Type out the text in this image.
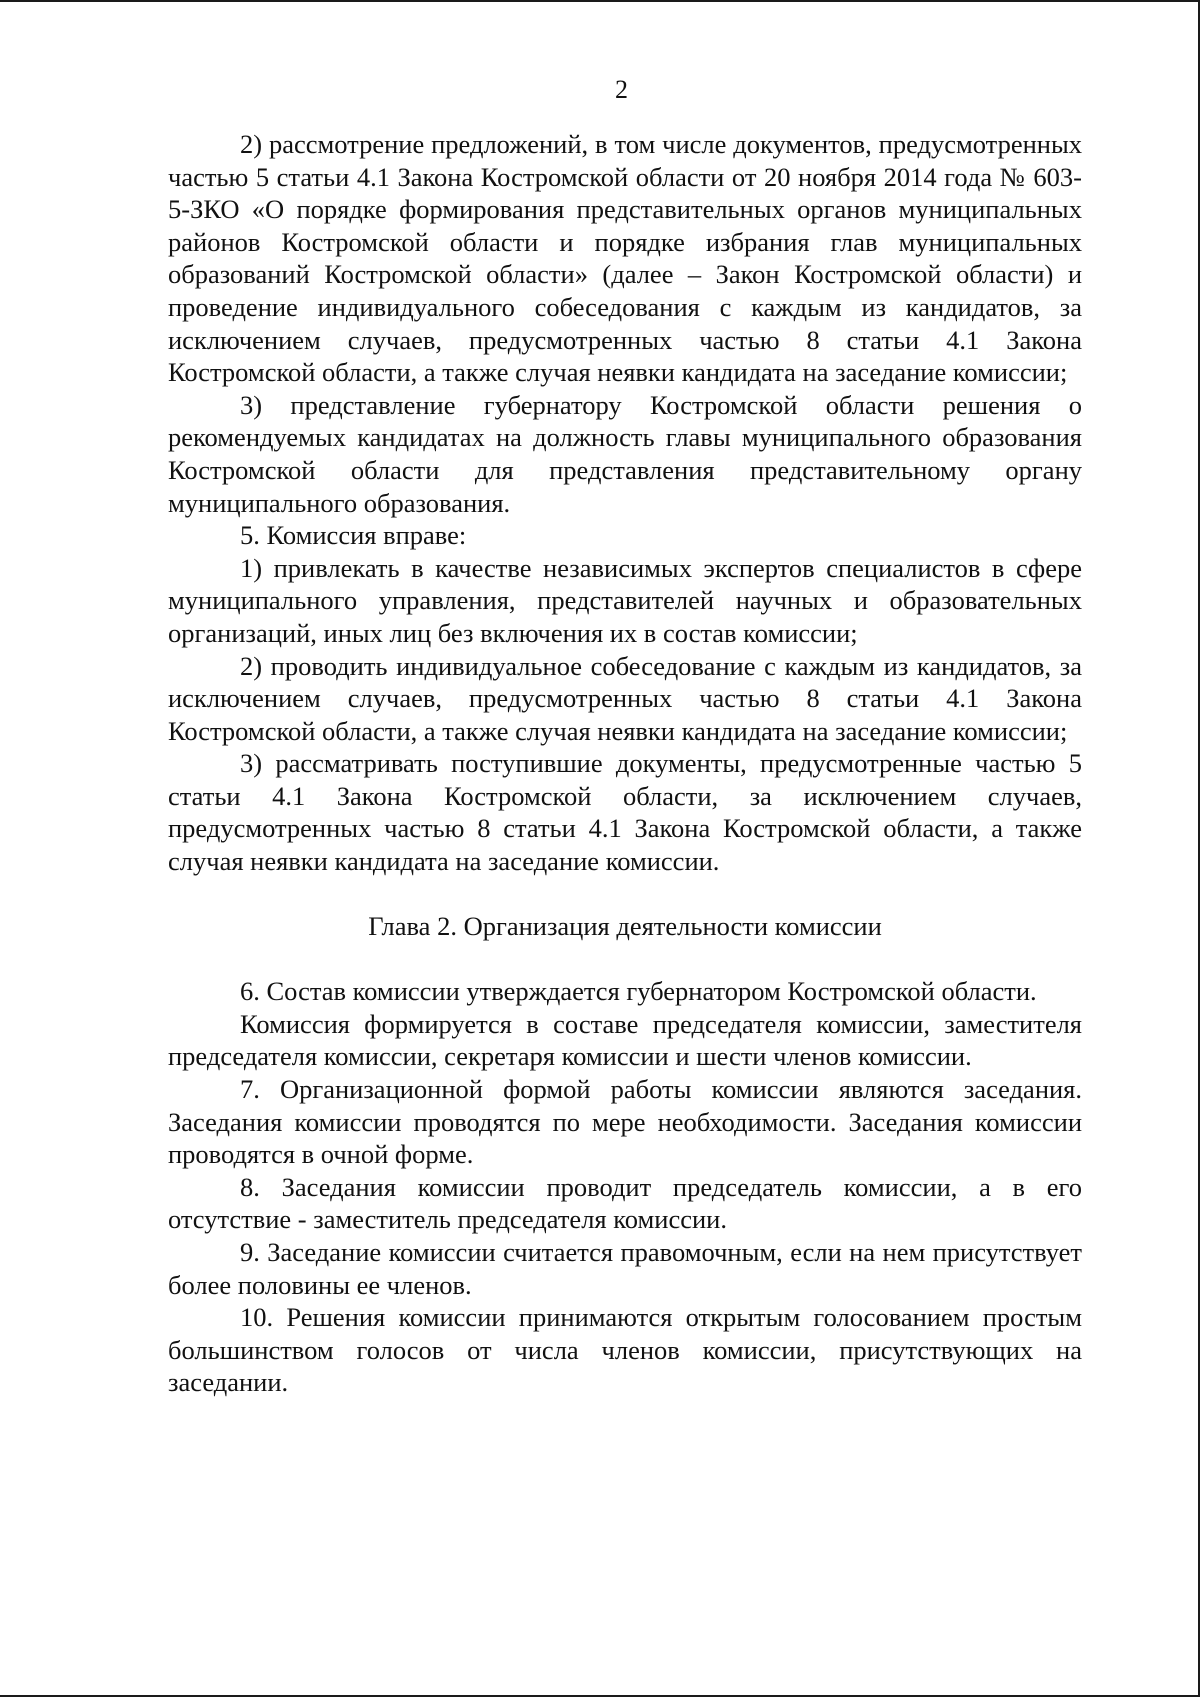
2

2) рассмотрение предложений, в том числе документов, предусмотренных частью 5 статьи 4.1 Закона Костромской области от 20 ноября 2014 года № 603-5-ЗКО «О порядке формирования представительных органов муниципальных районов Костромской области и порядке избрания глав муниципальных образований Костромской области» (далее – Закон Костромской области) и проведение индивидуального собеседования с каждым из кандидатов, за исключением случаев, предусмотренных частью 8 статьи 4.1 Закона Костромской области, а также случая неявки кандидата на заседание комиссии;

3) представление губернатору Костромской области решения о рекомендуемых кандидатах на должность главы муниципального образования Костромской области для представления представительному органу муниципального образования.

5. Комиссия вправе:

1) привлекать в качестве независимых экспертов специалистов в сфере муниципального управления, представителей научных и образовательных организаций, иных лиц без включения их в состав комиссии;

2) проводить индивидуальное собеседование с каждым из кандидатов, за исключением случаев, предусмотренных частью 8 статьи 4.1 Закона Костромской области, а также случая неявки кандидата на заседание комиссии;

3) рассматривать поступившие документы, предусмотренные частью 5 статьи 4.1 Закона Костромской области, за исключением случаев, предусмотренных частью 8 статьи 4.1 Закона Костромской области, а также случая неявки кандидата на заседание комиссии.

Глава 2. Организация деятельности комиссии

6. Состав комиссии утверждается губернатором Костромской области.

Комиссия формируется в составе председателя комиссии, заместителя председателя комиссии, секретаря комиссии и шести членов комиссии.

7. Организационной формой работы комиссии являются заседания. Заседания комиссии проводятся по мере необходимости. Заседания комиссии проводятся в очной форме.

8. Заседания комиссии проводит председатель комиссии, а в его отсутствие - заместитель председателя комиссии.

9. Заседание комиссии считается правомочным, если на нем присутствует более половины ее членов.

10. Решения комиссии принимаются открытым голосованием простым большинством голосов от числа членов комиссии, присутствующих на заседании.
